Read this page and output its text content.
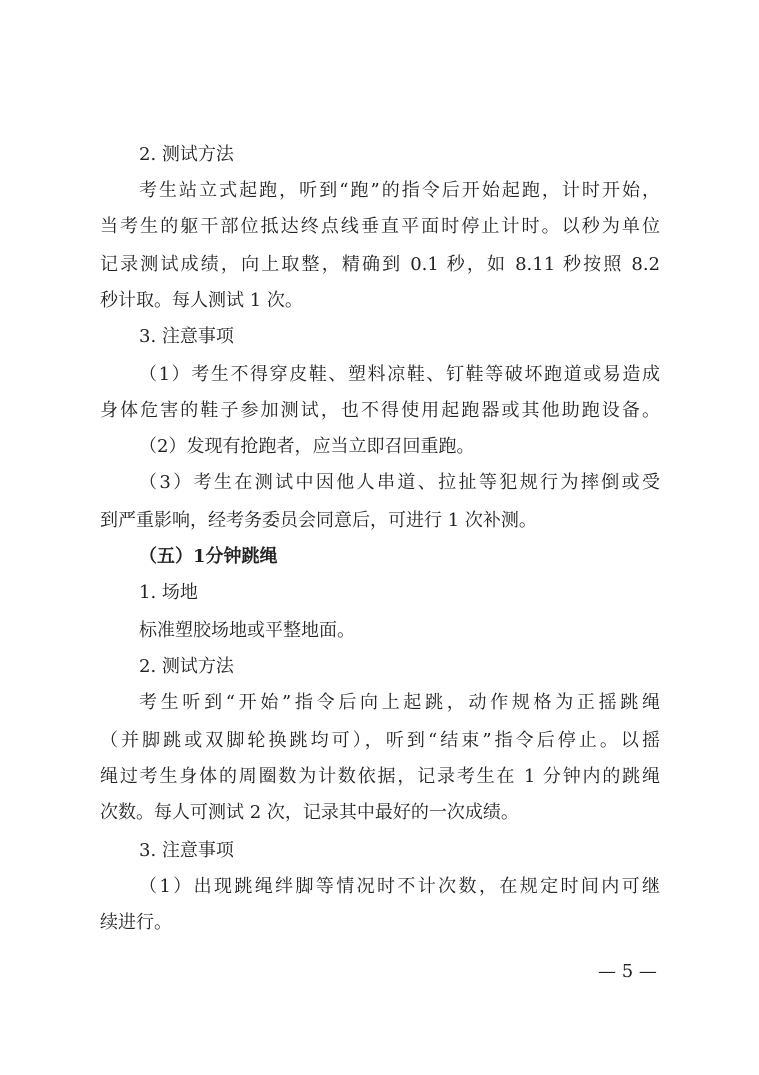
2. 测试方法
考生站立式起跑，听到“跑”的指令后开始起跑，计时开始，
当考生的躯干部位抵达终点线垂直平面时停止计时。以秒为单位
记录测试成绩，向上取整，精确到 0.1 秒，如 8.11 秒按照 8.2
秒计取。每人测试 1 次。
3. 注意事项
（1）考生不得穿皮鞋、塑料凉鞋、钉鞋等破坏跑道或易造成
身体危害的鞋子参加测试，也不得使用起跑器或其他助跑设备。
（2）发现有抢跑者，应当立即召回重跑。
（3）考生在测试中因他人串道、拉扯等犯规行为摔倒或受
到严重影响，经考务委员会同意后，可进行 1 次补测。
（五）1分钟跳绳
1. 场地
标准塑胶场地或平整地面。
2. 测试方法
考生听到“开始”指令后向上起跳，动作规格为正摇跳绳
（并脚跳或双脚轮换跳均可），听到“结束”指令后停止。以摇
绳过考生身体的周圈数为计数依据，记录考生在 1 分钟内的跳绳
次数。每人可测试 2 次，记录其中最好的一次成绩。
3. 注意事项
（1）出现跳绳绊脚等情况时不计次数，在规定时间内可继
续进行。
— 5 —
